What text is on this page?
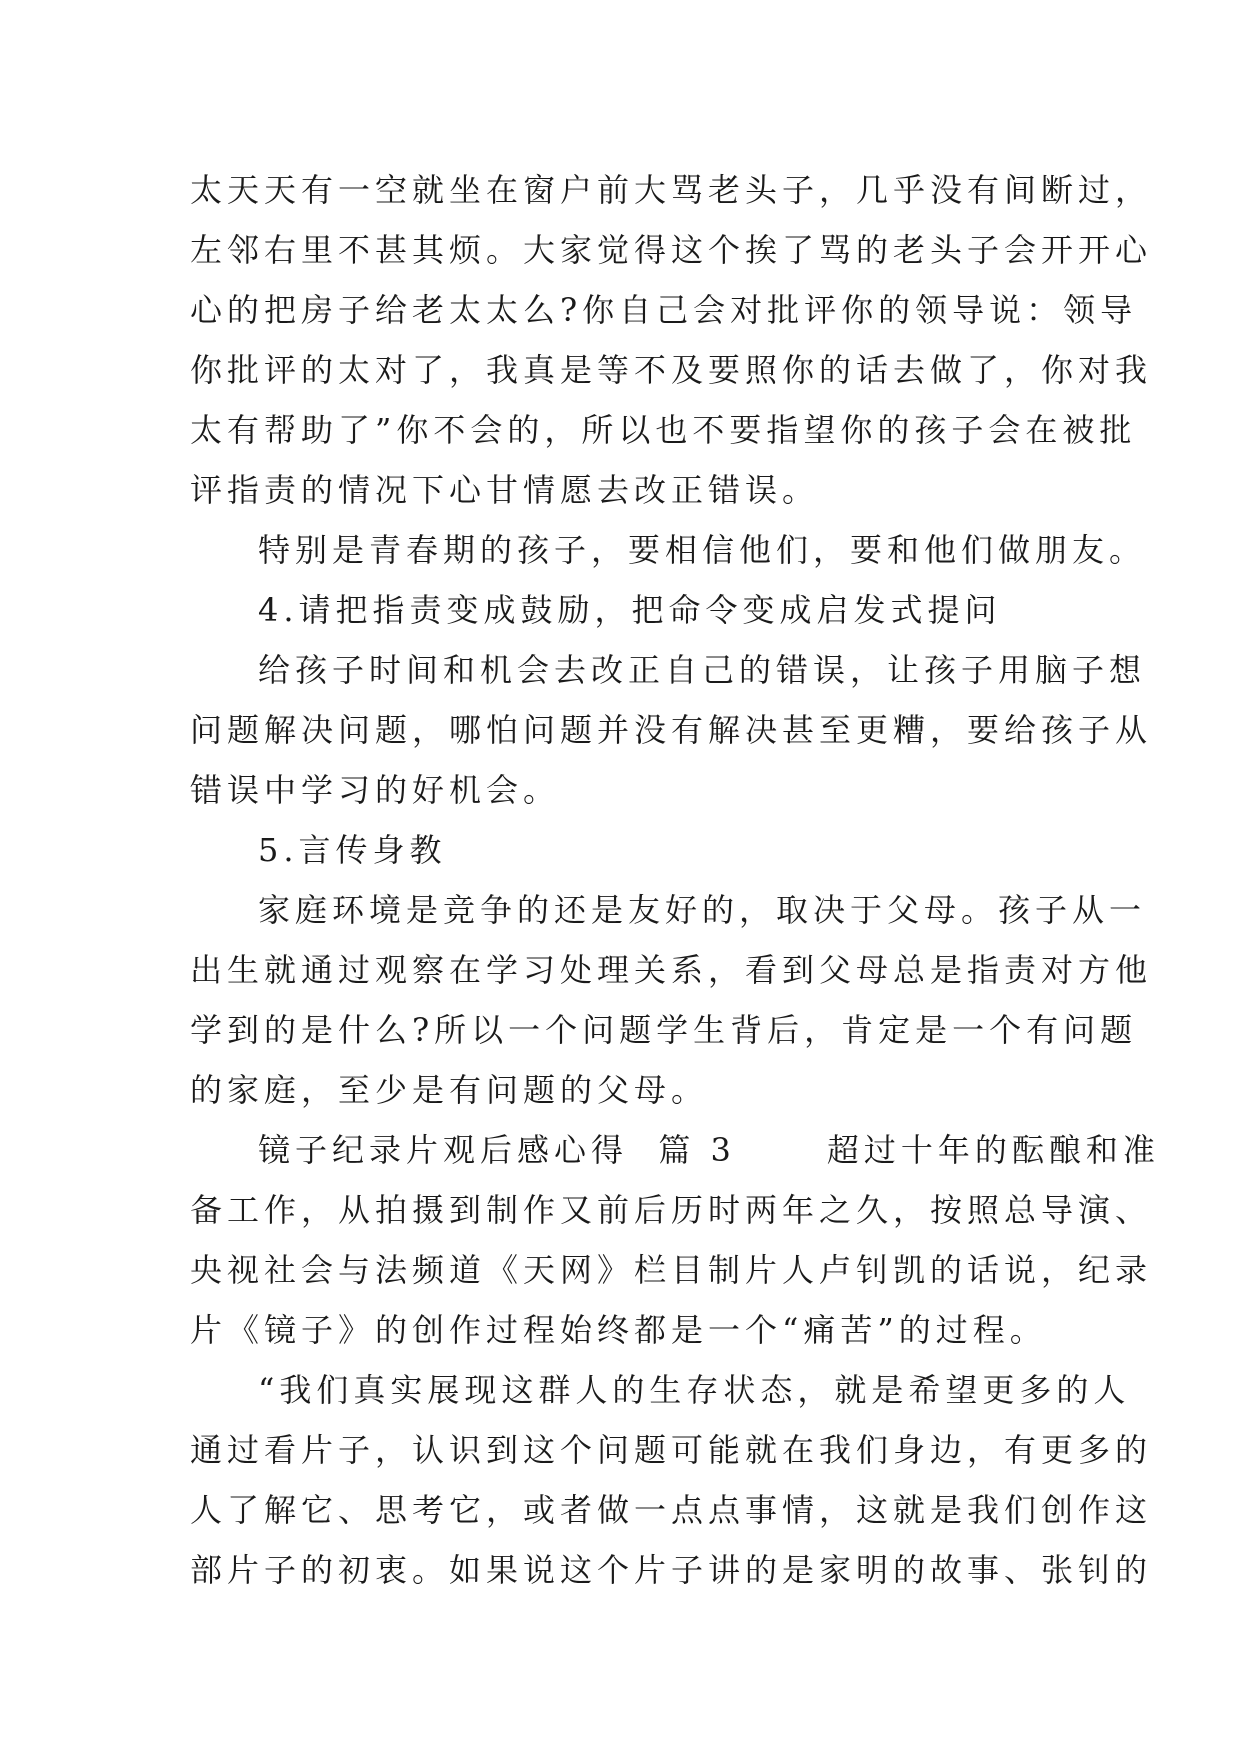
太天天有一空就坐在窗户前大骂老头子，几乎没有间断过，
左邻右里不甚其烦。大家觉得这个挨了骂的老头子会开开心
心的把房子给老太太么?你自己会对批评你的领导说：领导
你批评的太对了，我真是等不及要照你的话去做了，你对我
太有帮助了”你不会的，所以也不要指望你的孩子会在被批
评指责的情况下心甘情愿去改正错误。
特别是青春期的孩子，要相信他们，要和他们做朋友。
4.请把指责变成鼓励，把命令变成启发式提问
给孩子时间和机会去改正自己的错误，让孩子用脑子想
问题解决问题，哪怕问题并没有解决甚至更糟，要给孩子从
错误中学习的好机会。
5.言传身教
家庭环境是竞争的还是友好的，取决于父母。孩子从一
出生就通过观察在学习处理关系，看到父母总是指责对方他
学到的是什么?所以一个问题学生背后，肯定是一个有问题
的家庭，至少是有问题的父母。
镜子纪录片观后感心得  篇 3      超过十年的酝酿和准
备工作，从拍摄到制作又前后历时两年之久，按照总导演、
央视社会与法频道《天网》栏目制片人卢钊凯的话说，纪录
片《镜子》的创作过程始终都是一个“痛苦”的过程。
“我们真实展现这群人的生存状态，就是希望更多的人
通过看片子，认识到这个问题可能就在我们身边，有更多的
人了解它、思考它，或者做一点点事情，这就是我们创作这
部片子的初衷。如果说这个片子讲的是家明的故事、张钊的
